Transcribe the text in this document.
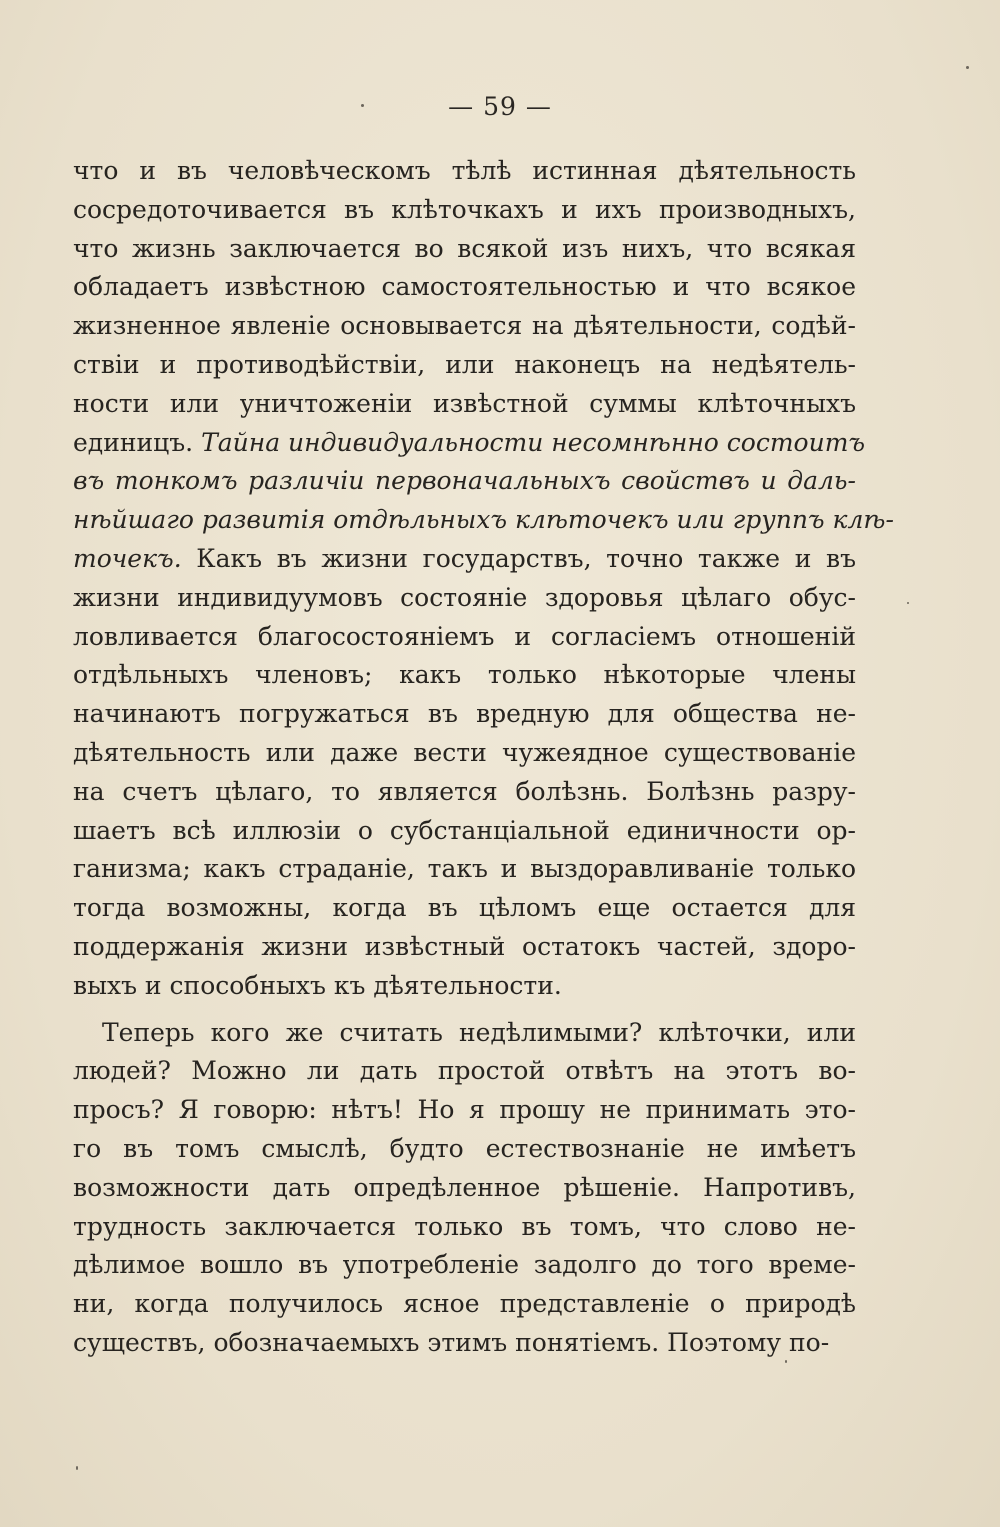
— 59 —
что и въ человѣческомъ тѣлѣ истинная дѣятельность
сосредоточивается въ клѣточкахъ и ихъ производныхъ,
что жизнь заключается во всякой изъ нихъ, что всякая
обладаетъ извѣстною самостоятельностью и что всякое
жизненное явленіе основывается на дѣятельности, содѣй-
ствіи и противодѣйствіи, или наконецъ на недѣятель-
ности или уничтоженіи извѣстной суммы клѣточныхъ
единицъ. Тайна индивидуальности несомнѣнно состоитъ
въ тонкомъ различіи первоначальныхъ свойствъ и даль-
нѣйшаго развитія отдѣльныхъ клѣточекъ или группъ клѣ-
точекъ. Какъ въ жизни государствъ, точно также и въ
жизни индивидуумовъ состояніе здоровья цѣлаго обус-
ловливается благосостояніемъ и согласіемъ отношеній
отдѣльныхъ членовъ; какъ только нѣкоторые члены
начинаютъ погружаться въ вредную для общества не-
дѣятельность или даже вести чужеядное существованіе
на счетъ цѣлаго, то является болѣзнь. Болѣзнь разру-
шаетъ всѣ иллюзіи о субстанціальной единичности ор-
ганизма; какъ страданіе, такъ и выздоравливаніе только
тогда возможны, когда въ цѣломъ еще остается для
поддержанія жизни извѣстный остатокъ частей, здоро-
выхъ и способныхъ къ дѣятельности.
Теперь кого же считать недѣлимыми? клѣточки, или
людей? Можно ли дать простой отвѣтъ на этотъ во-
просъ? Я говорю: нѣтъ! Но я прошу не принимать это-
го въ томъ смыслѣ, будто естествознаніе не имѣетъ
возможности дать опредѣленное рѣшеніе. Напротивъ,
трудность заключается только въ томъ, что слово не-
дѣлимое вошло въ употребленіе задолго до того време-
ни, когда получилось ясное представленіе о природѣ
существъ, обозначаемыхъ этимъ понятіемъ. Поэтому по-
